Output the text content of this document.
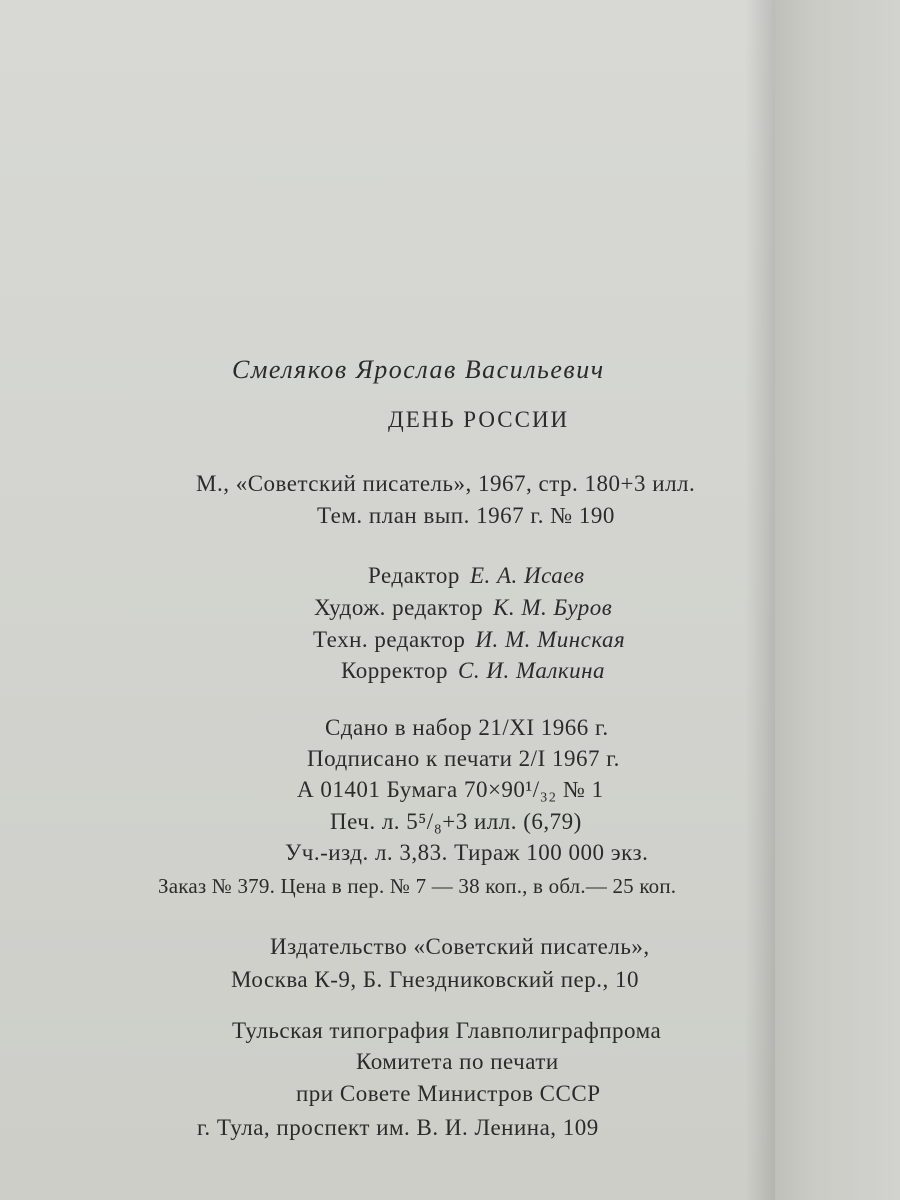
Смеляков Ярослав Васильевич
ДЕНЬ РОССИИ
М., «Советский писатель», 1967, стр. 180+3 илл.
Тем. план вып. 1967 г. № 190
Редактор Е. А. Исаев
Худож. редактор К. М. Буров
Техн. редактор И. М. Минская
Корректор С. И. Малкина
Сдано в набор 21/XI 1966 г.
Подписано к печати 2/I 1967 г.
А 01401 Бумага 70×90¹/₃₂ № 1
Печ. л. 5⁵/₈+3 илл. (6,79)
Уч.-изд. л. 3,83. Тираж 100 000 экз.
Заказ № 379. Цена в пер. № 7 — 38 коп., в обл.— 25 коп.
Издательство «Советский писатель»,
Москва К-9, Б. Гнездниковский пер., 10
Тульская типография Главполиграфпрома
Комитета по печати
при Совете Министров СССР
г. Тула, проспект им. В. И. Ленина, 109
